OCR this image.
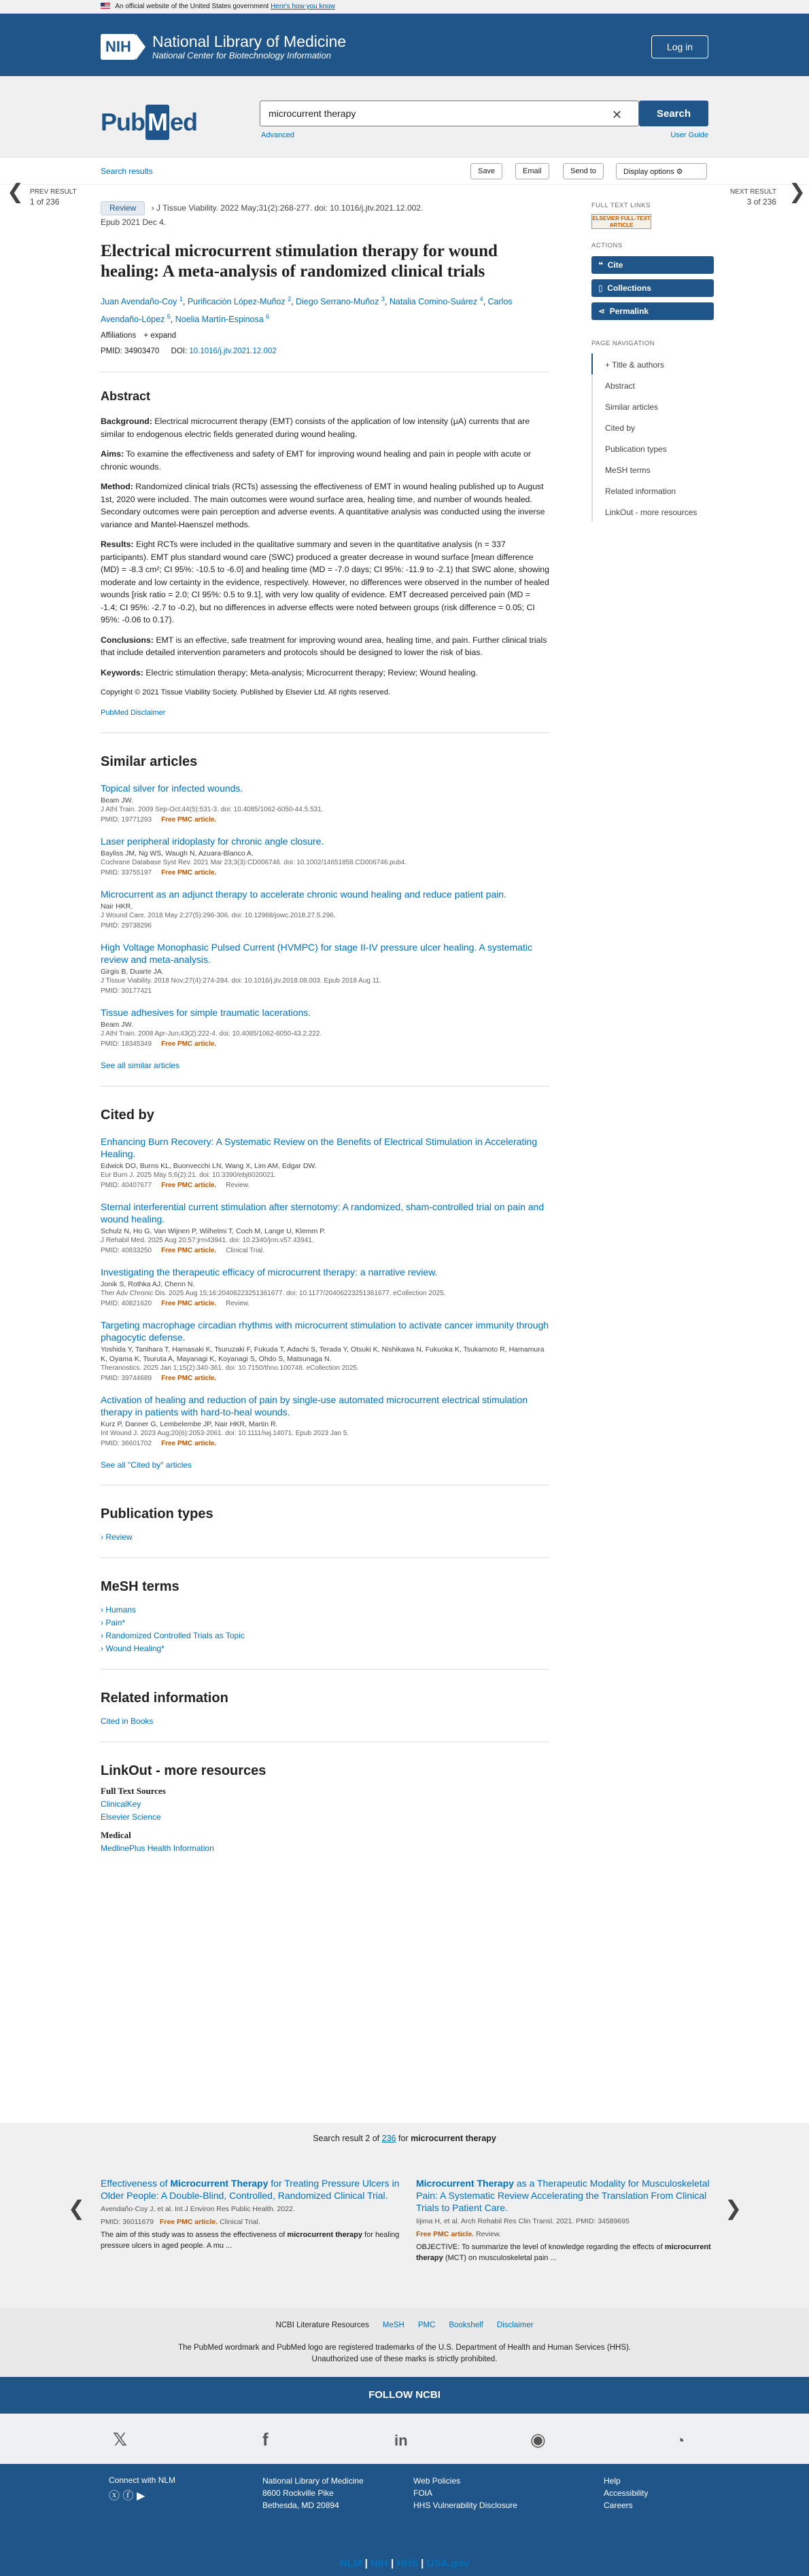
An official website of the United States government Here's how you know
NIH	National Library of Medicine
National Center for Biotechnology Information
Log in
Pub M ed	microcurrent therapy	✕	Search
Advanced	User Guide
Search results	Save	Email	Send to	Display options ⚙
❮ PREV RESULT
1 of 236	❯
NEXT RESULT
3 of 236
Review › J Tissue Viability. 2022 May;31(2):268-277. doi: 10.1016/j.jtv.2021.12.002.
Epub 2021 Dec 4.
Electrical microcurrent stimulation therapy for wound healing: A meta-analysis of randomized clinical trials
Juan Avendaño-Coy $^1$, Purificación López-Muñoz $^2$, Diego Serrano-Muñoz $^3$, Natalia Comino-Suárez $^4$, Carlos Avendaño-López $^5$, Noelia Martín-Espinosa $^6$
Affiliations + expand
PMID: 34903470 DOI: 10.1016/j.jtv.2021.12.002
Abstract

Background: Electrical microcurrent therapy (EMT) consists of the application of low intensity (μA) currents that are similar to endogenous electric fields generated during wound healing.

Aims: To examine the effectiveness and safety of EMT for improving wound healing and pain in people with acute or chronic wounds.

Method: Randomized clinical trials (RCTs) assessing the effectiveness of EMT in wound healing published up to August 1st, 2020 were included. The main outcomes were wound surface area, healing time, and number of wounds healed. Secondary outcomes were pain perception and adverse events. A quantitative analysis was conducted using the inverse variance and Mantel-Haenszel methods.

Results: Eight RCTs were included in the qualitative summary and seven in the quantitative analysis (n = 337 participants). EMT plus standard wound care (SWC) produced a greater decrease in wound surface [mean difference (MD) = -8.3 cm²; CI 95%: -10.5 to -6.0] and healing time (MD = -7.0 days; CI 95%: -11.9 to -2.1) that SWC alone, showing moderate and low certainty in the evidence, respectively. However, no differences were observed in the number of healed wounds [risk ratio = 2.0; CI 95%: 0.5 to 9.1], with very low quality of evidence. EMT decreased perceived pain (MD = -1.4; CI 95%: -2.7 to -0.2), but no differences in adverse effects were noted between groups (risk difference = 0.05; CI 95%: -0.06 to 0.17).

Conclusions: EMT is an effective, safe treatment for improving wound area, healing time, and pain. Further clinical trials that include detailed intervention parameters and protocols should be designed to lower the risk of bias.

Keywords: Electric stimulation therapy; Meta-analysis; Microcurrent therapy; Review; Wound healing.

Copyright © 2021 Tissue Viability Society. Published by Elsevier Ltd. All rights reserved.

PubMed Disclaimer

Similar articles
Topical silver for infected wounds.
Beam JW.
J Athl Train. 2009 Sep-Oct;44(5):531-3. doi: 10.4085/1062-6050-44.5.531.
PMID: 19771293 Free PMC article.
Laser peripheral iridoplasty for chronic angle closure.
Bayliss JM, Ng WS, Waugh N, Azuara-Blanco A.
Cochrane Database Syst Rev. 2021 Mar 23;3(3):CD006746. doi: 10.1002/14651858.CD006746.pub4.
PMID: 33755197 Free PMC article.
Microcurrent as an adjunct therapy to accelerate chronic wound healing and reduce patient pain.
Nair HKR.
J Wound Care. 2018 May 2;27(5):296-306. doi: 10.12968/jowc.2018.27.5.296.
PMID: 29738296
High Voltage Monophasic Pulsed Current (HVMPC) for stage II-IV pressure ulcer healing. A systematic review and meta-analysis.
Girgis B, Duarte JA.
J Tissue Viability. 2018 Nov;27(4):274-284. doi: 10.1016/j.jtv.2018.08.003. Epub 2018 Aug 11.
PMID: 30177421
Tissue adhesives for simple traumatic lacerations.
Beam JW.
J Athl Train. 2008 Apr-Jun;43(2):222-4. doi: 10.4085/1062-6050-43.2.222.
PMID: 18345349 Free PMC article.
See all similar articles
Cited by
Enhancing Burn Recovery: A Systematic Review on the Benefits of Electrical Stimulation in Accelerating Healing.
Edwick DO, Burns KL, Buonvecchi LN, Wang X, Lim AM, Edgar DW.
Eur Burn J. 2025 May 5;6(2):21. doi: 10.3390/ebj6020021.
PMID: 40407677 Free PMC article. Review.
Sternal interferential current stimulation after sternotomy: A randomized, sham-controlled trial on pain and wound healing.
Schulz N, Ho G, Van Wijnen P, Wilhelmi T, Coch M, Lange U, Klemm P.
J Rehabil Med. 2025 Aug 20;57:jrm43941. doi: 10.2340/jrm.v57.43941.
PMID: 40833250 Free PMC article. Clinical Trial.
Investigating the therapeutic efficacy of microcurrent therapy: a narrative review.
Jonik S, Rothka AJ, Chenn N.
Ther Adv Chronic Dis. 2025 Aug 15;16:20406223251361677. doi: 10.1177/20406223251361677. eCollection 2025.
PMID: 40821620 Free PMC article. Review.
Targeting macrophage circadian rhythms with microcurrent stimulation to activate cancer immunity through phagocytic defense.
Yoshida Y, Tanihara T, Hamasaki K, Tsuruzaki F, Fukuda T, Adachi S, Terada Y, Otsuki K, Nishikawa N, Fukuoka K, Tsukamoto R, Hamamura K, Oyama K, Tsuruta A, Mayanagi K, Koyanagi S, Ohdo S, Matsunaga N.
Theranostics. 2025 Jan 1;15(2):340-361. doi: 10.7150/thno.100748. eCollection 2025.
PMID: 39744689 Free PMC article.
Activation of healing and reduction of pain by single-use automated microcurrent electrical stimulation therapy in patients with hard-to-heal wounds.
Kurz P, Danner G, Lembelembe JP, Nair HKR, Martin R.
Int Wound J. 2023 Aug;20(6):2053-2061. doi: 10.1111/iwj.14071. Epub 2023 Jan 5.
PMID: 36601702 Free PMC article.
See all "Cited by" articles
Publication types
› Review
MeSH terms
› Humans
› Pain*
› Randomized Controlled Trials as Topic
› Wound Healing*
Related information
Cited in Books
LinkOut - more resources
Full Text Sources
ClinicalKey
Elsevier Science
Medical
MedlinePlus Health Information
FULL TEXT LINKS
ELSEVIER FULL-TEXT ARTICLE
ACTIONS
❝ Cite
▯ Collections
⋖ Permalink
PAGE NAVIGATION
+ Title & authors
Abstract
Similar articles
Cited by
Publication types
MeSH terms
Related information
LinkOut - more resources
Search result 2 of 236 for microcurrent therapy
❮
Effectiveness of Microcurrent Therapy for Treating Pressure Ulcers in Older People: A Double-Blind, Controlled, Randomized Clinical Trial.
Avendaño-Coy J, et al. Int J Environ Res Public Health. 2022.
PMID: 36011679 Free PMC article. Clinical Trial.
The aim of this study was to assess the effectiveness of microcurrent therapy for healing pressure ulcers in aged people. A mu ...
Microcurrent Therapy as a Therapeutic Modality for Musculoskeletal Pain: A Systematic Review Accelerating the Translation From Clinical Trials to Patient Care.
Iijima H, et al. Arch Rehabil Res Clin Transl. 2021. PMID: 34589695
Free PMC article. Review.
OBJECTIVE: To summarize the level of knowledge regarding the effects of microcurrent therapy (MCT) on musculoskeletal pain ...
❯
NCBI Literature Resources MeSH PMC Bookshelf Disclaimer
The PubMed wordmark and PubMed logo are registered trademarks of the U.S. Department of Health and Human Services (HHS). Unauthorized use of these marks is strictly prohibited.
FOLLOW NCBI
𝕏	f	in	◉	◔
Connect with NLM
ⓧ ⓕ ▶
National Library of Medicine
8600 Rockville Pike
Bethesda, MD 20894
Web Policies
FOIA
HHS Vulnerability Disclosure
Help
Accessibility
Careers
NLM | NIH | HHS | USA.gov
